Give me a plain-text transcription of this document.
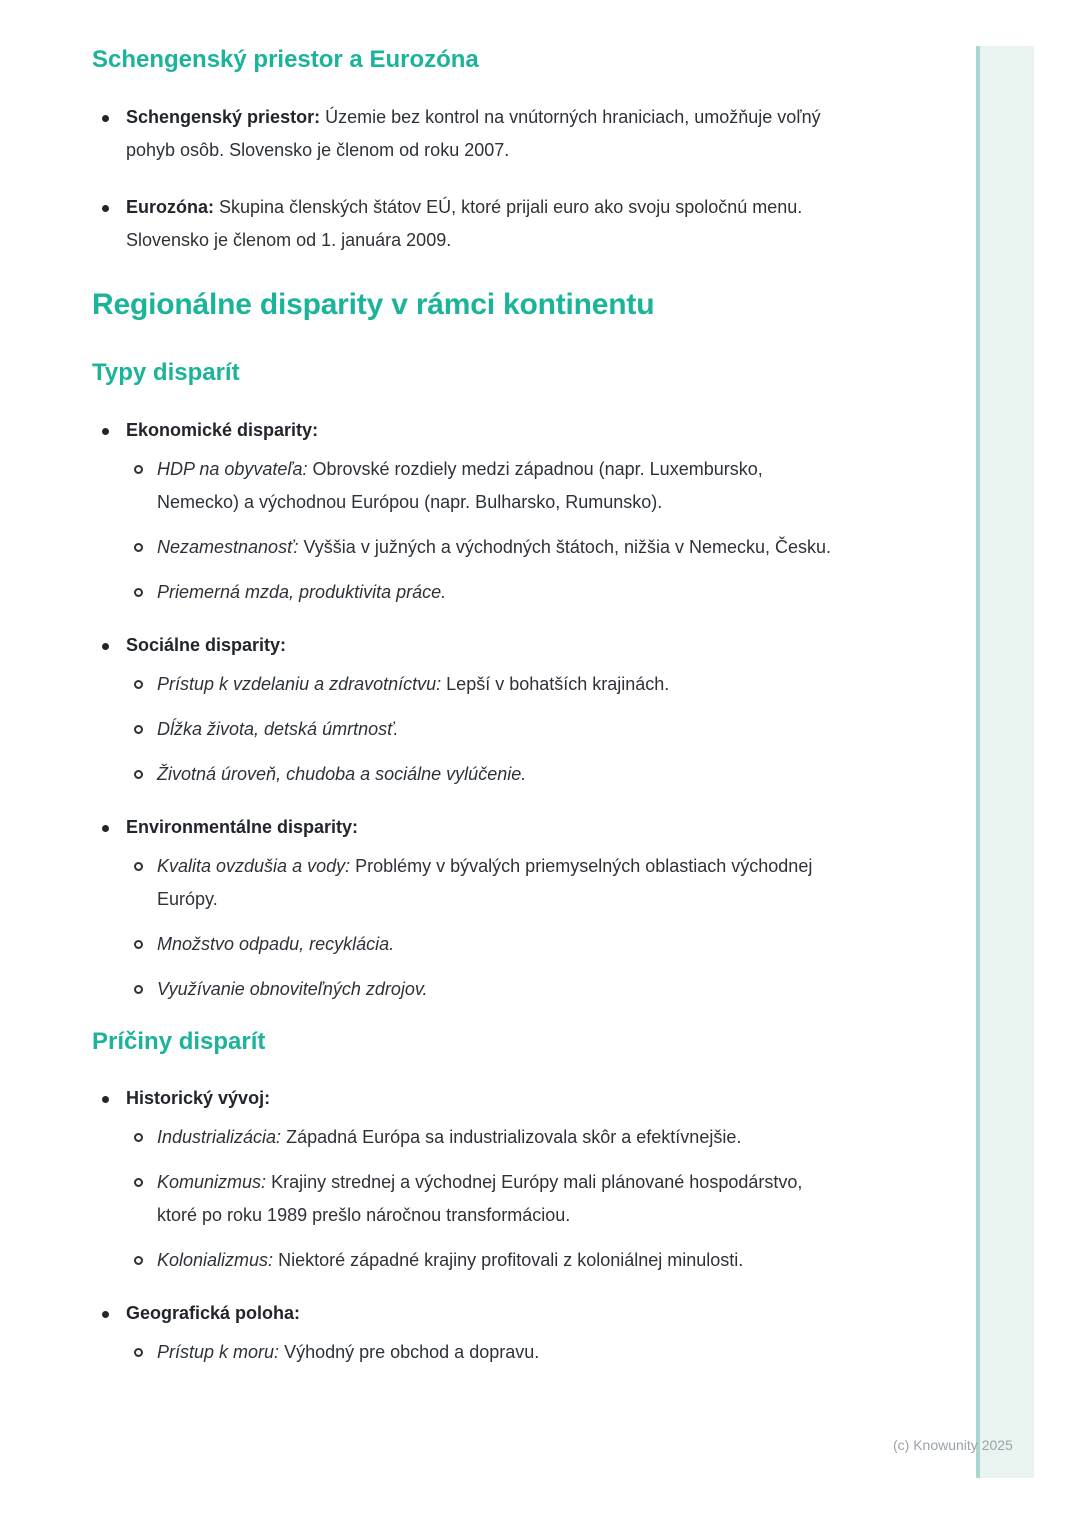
Schengenský priestor a Eurozóna

Schengenský priestor: Územie bez kontrol na vnútorných hraniciach, umožňuje voľný pohyb osôb. Slovensko je členom od roku 2007.

Eurozóna: Skupina členských štátov EÚ, ktoré prijali euro ako svoju spoločnú menu. Slovensko je členom od 1. januára 2009.

Regionálne disparity v rámci kontinentu
Typy disparít

Ekonomické disparity:

HDP na obyvateľa: Obrovské rozdiely medzi západnou (napr. Luxembursko, Nemecko) a východnou Európou (napr. Bulharsko, Rumunsko).

Nezamestnanosť: Vyššia v južných a východných štátoch, nižšia v Nemecku, Česku.

Priemerná mzda, produktivita práce.

Sociálne disparity:

Prístup k vzdelaniu a zdravotníctvu: Lepší v bohatších krajinách.

Dĺžka života, detská úmrtnosť.

Životná úroveň, chudoba a sociálne vylúčenie.

Environmentálne disparity:

Kvalita ovzdušia a vody: Problémy v bývalých priemyselných oblastiach východnej Európy.

Množstvo odpadu, recyklácia.

Využívanie obnoviteľných zdrojov.

Príčiny disparít

Historický vývoj:

Industrializácia: Západná Európa sa industrializovala skôr a efektívnejšie.

Komunizmus: Krajiny strednej a východnej Európy mali plánované hospodárstvo, ktoré po roku 1989 prešlo náročnou transformáciou.

Kolonializmus: Niektoré západné krajiny profitovali z koloniálnej minulosti.

Geografická poloha:

Prístup k moru: Výhodný pre obchod a dopravu.

(c) Knowunity 2025
